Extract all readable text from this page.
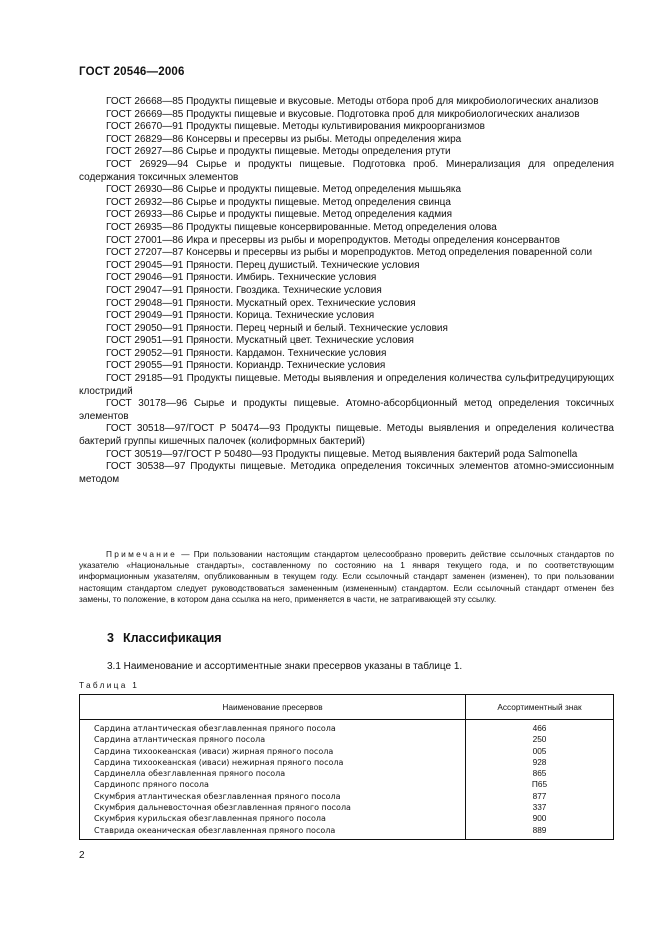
ГОСТ 20546—2006

ГОСТ 26668—85 Продукты пищевые и вкусовые. Методы отбора проб для микробиологических анализов

ГОСТ 26669—85 Продукты пищевые и вкусовые. Подготовка проб для микробиологических анализов

ГОСТ 26670—91 Продукты пищевые. Методы культивирования микроорганизмов

ГОСТ 26829—86 Консервы и пресервы из рыбы. Методы определения жира

ГОСТ 26927—86 Сырье и продукты пищевые. Методы определения ртути

ГОСТ 26929—94 Сырье и продукты пищевые. Подготовка проб. Минерализация для определения содержания токсичных элементов

ГОСТ 26930—86 Сырье и продукты пищевые. Метод определения мышьяка

ГОСТ 26932—86 Сырье и продукты пищевые. Метод определения свинца

ГОСТ 26933—86 Сырье и продукты пищевые. Метод определения кадмия

ГОСТ 26935—86 Продукты пищевые консервированные. Метод определения олова

ГОСТ 27001—86 Икра и пресервы из рыбы и морепродуктов. Методы определения консервантов

ГОСТ 27207—87 Консервы и пресервы из рыбы и морепродуктов. Метод определения поваренной соли

ГОСТ 29045—91 Пряности. Перец душистый. Технические условия

ГОСТ 29046—91 Пряности. Имбирь. Технические условия

ГОСТ 29047—91 Пряности. Гвоздика. Технические условия

ГОСТ 29048—91 Пряности. Мускатный орех. Технические условия

ГОСТ 29049—91 Пряности. Корица. Технические условия

ГОСТ 29050—91 Пряности. Перец черный и белый. Технические условия

ГОСТ 29051—91 Пряности. Мускатный цвет. Технические условия

ГОСТ 29052—91 Пряности. Кардамон. Технические условия

ГОСТ 29055—91 Пряности. Кориандр. Технические условия

ГОСТ 29185—91 Продукты пищевые. Методы выявления и определения количества сульфитредуцирующих клостридий

ГОСТ 30178—96 Сырье и продукты пищевые. Атомно-абсорбционный метод определения токсичных элементов

ГОСТ 30518—97/ГОСТ Р 50474—93 Продукты пищевые. Методы выявления и определения количества бактерий группы кишечных палочек (колиформных бактерий)

ГОСТ 30519—97/ГОСТ Р 50480—93 Продукты пищевые. Метод выявления бактерий рода Salmonella

ГОСТ 30538—97 Продукты пищевые. Методика определения токсичных элементов атомно-эмиссионным методом

Примечание — При пользовании настоящим стандартом целесообразно проверить действие ссылочных стандартов по указателю «Национальные стандарты», составленному по состоянию на 1 января текущего года, и по соответствующим информационным указателям, опубликованным в текущем году. Если ссылочный стандарт заменен (изменен), то при пользовании настоящим стандартом следует руководствоваться замененным (измененным) стандартом. Если ссылочный стандарт отменен без замены, то положение, в котором дана ссылка на него, применяется в части, не затрагивающей эту ссылку.

3 Классификация
3.1 Наименование и ассортиментные знаки пресервов указаны в таблице 1.
Таблица 1
Наименование пресервов	Ассортиментный знак
Сардина атлантическая обезглавленная пряного посола	466
Сардина атлантическая пряного посола	250
Сардина тихоокеанская (иваси) жирная пряного посола	005
Сардина тихоокеанская (иваси) нежирная пряного посола	928
Сардинелла обезглавленная пряного посола	865
Сардинопс пряного посола	П65
Скумбрия атлантическая обезглавленная пряного посола	877
Скумбрия дальневосточная обезглавленная пряного посола	337
Скумбрия курильская обезглавленная пряного посола	900
Ставрида океаническая обезглавленная пряного посола	889
2
